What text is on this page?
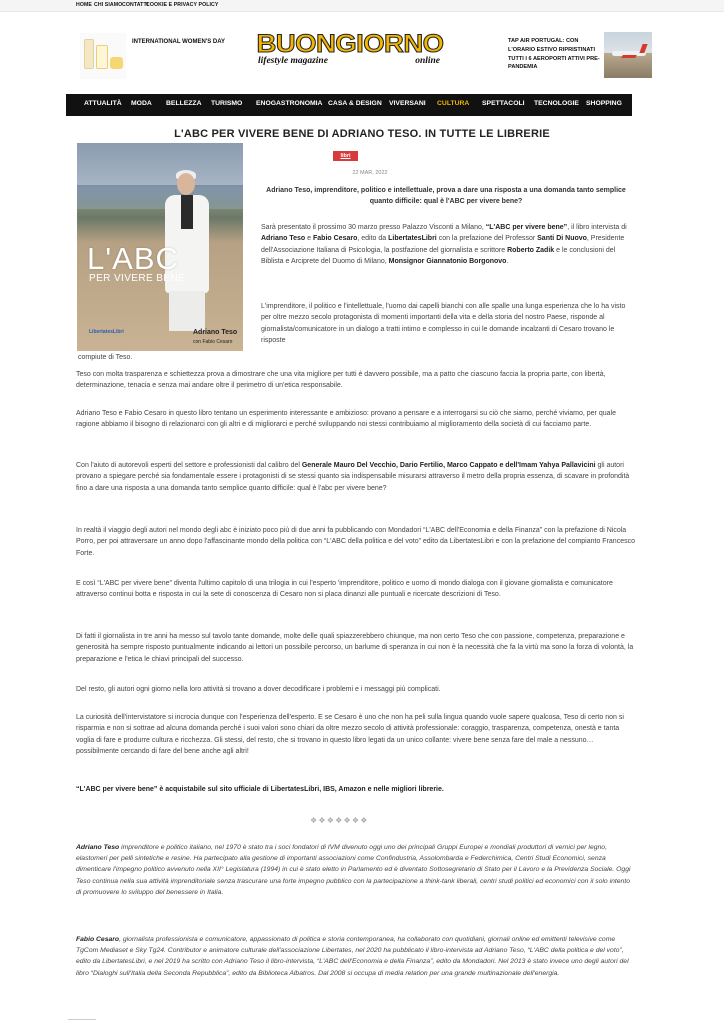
HOME CHI SIAMO CONTATTI
COOKIE E PRIVACY POLICY
INTERNATIONAL WOMEN'S DAY	BUONGIORNO
lifestyle magazine	online
TAP AIR PORTUGAL: CON L'ORARIO ESTIVO RIPRISTINATI TUTTI I 6 AEROPORTI ATTIVI PRE-PANDEMIA
ATTUALITÀ MODA BELLEZZA TURISMO ENOGASTRONOMIA CASA & DESIGN VIVERSANI CULTURA SPETTACOLI TECNOLOGIE SHOPPING
L'ABC PER VIVERE BENE DI ADRIANO TESO. IN TUTTE LE LIBRERIE
L'ABC
PER VIVERE BENE
LibertatesLibri	Adriano Teso
con Fabio Cesaro
libri
22 MAR, 2022

Adriano Teso, imprenditore, politico e intellettuale, prova a dare una risposta a una domanda tanto semplice quanto difficile: qual è l'ABC per vivere bene?

Sarà presentato il prossimo 30 marzo presso Palazzo Visconti a Milano, “L'ABC per vivere bene”, il libro intervista di Adriano Teso e Fabio Cesaro, edito da LibertatesLibri con la prefazione del Professor Santi Di Nuovo, Presidente dell'Associazione Italiana di Psicologia, la postfazione del giornalista e scrittore Roberto Zadik e le conclusioni del Biblista e Arciprete del Duomo di Milano, Monsignor Giannatonio Borgonovo.

L'imprenditore, il politico e l'intellettuale, l'uomo dai capelli bianchi con alle spalle una lunga esperienza che lo ha visto per oltre mezzo secolo protagonista di momenti importanti della vita e della storia del nostro Paese, risponde al giornalista/comunicatore in un dialogo a tratti intimo e complesso in cui le domande incalzanti di Cesaro trovano le risposte

compiute di Teso.

Teso con molta trasparenza e schiettezza prova a dimostrare che una vita migliore per tutti è davvero possibile, ma a patto che ciascuno faccia la propria parte, con libertà, determinazione, tenacia e senza mai andare oltre il perimetro di un'etica responsabile.

Adriano Teso e Fabio Cesaro in questo libro tentano un esperimento interessante e ambizioso: provano a pensare e a interrogarsi su ciò che siamo, perché viviamo, per quale ragione abbiamo il bisogno di relazionarci con gli altri e di migliorarci e perché sviluppando noi stessi contribuiamo al miglioramento della società di cui facciamo parte.

Con l'aiuto di autorevoli esperti del settore e professionisti dal calibro del Generale Mauro Del Vecchio, Dario Fertilio, Marco Cappato e dell'Imam Yahya Pallavicini gli autori provano a spiegare perché sia fondamentale essere i protagonisti di se stessi quanto sia indispensabile misurarsi attraverso il metro della propria essenza, di scavare in profondità fino a dare una risposta a una domanda tanto semplice quanto difficile: qual è l'abc per vivere bene?

In realtà il viaggio degli autori nel mondo degli abc è iniziato poco più di due anni fa pubblicando con Mondadori “L'ABC dell'Economia e della Finanza” con la prefazione di Nicola Porro, per poi attraversare un anno dopo l'affascinante mondo della politica con “L'ABC della politica e del voto” edito da LibertatesLibri e con la prefazione del compianto Francesco Forte.

E così “L'ABC per vivere bene” diventa l'ultimo capitolo di una trilogia in cui l'esperto 'imprenditore, politico e uomo di mondo dialoga con il giovane giornalista e comunicatore attraverso continui botta e risposta in cui la sete di conoscenza di Cesaro non si placa dinanzi alle puntuali e ricercate descrizioni di Teso.

Di fatti il giornalista in tre anni ha messo sul tavolo tante domande, molte delle quali spiazzerebbero chiunque, ma non certo Teso che con passione, competenza, preparazione e generosità ha sempre risposto puntualmente indicando ai lettori un possibile percorso, un barlume di speranza in cui non è la necessità che fa la virtù ma sono la forza di volontà, la preparazione e l'etica le chiavi principali del successo.

Del resto, gli autori ogni giorno nella loro attività si trovano a dover decodificare i problemi e i messaggi più complicati.

La curiosità dell'intervistatore si incrocia dunque con l'esperienza dell'esperto. E se Cesaro è uno che non ha peli sulla lingua quando vuole sapere qualcosa, Teso di certo non si risparmia e non si sottrae ad alcuna domanda perché i suoi valori sono chiari da oltre mezzo secolo di attività professionale: coraggio, trasparenza, competenza, onestà e tanta voglia di fare e produrre cultura e ricchezza. Gli stessi, del resto, che si trovano in questo libro legati da un unico collante: vivere bene senza fare del male a nessuno…possibilmente cercando di fare del bene anche agli altri!

“L'ABC per vivere bene” è acquistabile sul sito ufficiale di LibertatesLibri, IBS, Amazon e nelle migliori librerie.

❖❖❖❖❖❖❖

Adriano Teso imprenditore e politico italiano, nel 1970 è stato tra i soci fondatori di IVM divenuto oggi uno dei principali Gruppi Europei e mondiali produttori di vernici per legno, elastomeri per pelli sintetiche e resine. Ha partecipato alla gestione di importanti associazioni come Confindustria, Assolombarda e Federchimica, Centri Studi Economici, senza dimenticare l'impegno politico avvenuto nella XII° Legislatura (1994) in cui è stato eletto in Parlamento ed è diventato Sottosegretario di Stato per il Lavoro e la Previdenza Sociale. Oggi Teso continua nella sua attività imprenditoriale senza trascurare una forte impegno pubblico con la partecipazione a think-tank liberali, centri studi politici ed economici con il solo intento di promuovere lo sviluppo del benessere in Italia.

Fabio Cesaro, giornalista professionista e comunicatore, appassionato di politica e storia contemporanea, ha collaborato con quotidiani, giornali online ed emittenti televisive come TgCom Mediaset e Sky Tg24. Contributor e animatore culturale dell'associazione Libertates, nel 2020 ha pubblicato il libro-intervista ad Adriano Teso, “L'ABC della politica e del voto”, edito da LibertatesLibri, e nel 2019 ha scritto con Adriano Teso il libro-intervista, “L'ABC dell'Economia e della Finanza”, edito da Mondadori. Nel 2013 è stato invece uno degli autori del libro “Dialoghi sull'Italia della Seconda Repubblica”, edito da Biblioteca Albatros. Dal 2008 si occupa di media relation per una grande multinazionale dell'energia.
